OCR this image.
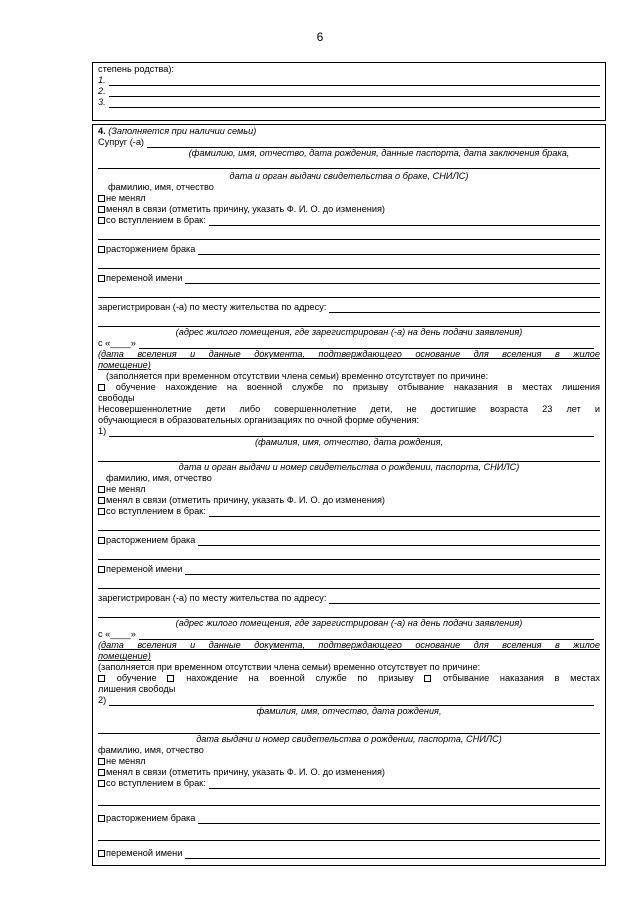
6
степень родства):
1.
2.
3.
4. (Заполняется при наличии семьи)
Супруг (-а)
(фамилию, имя, отчество, дата рождения, данные паспорта, дата заключения брака,
дата и орган выдачи свидетельства о браке, СНИЛС)
фамилию, имя, отчество
не менял
менял в связи (отметить причину, указать Ф. И. О. до изменения)
со вступлением в брак:
расторжением брака
переменой имени
зарегистрирован (-а) по месту жительства по адресу:
(адрес жилого помещения, где зарегистрирован (-а) на день подачи заявления)
с «____»
(дата вселения и данные документа, подтверждающего основание для вселения в жилое
помещение)
(заполняется при временном отсутствии члена семьи) временно отсутствует по причине:
обучение нахождение на военной службе по призыву отбывание наказания в местах лишения
свободы
Несовершеннолетние дети либо совершеннолетние дети, не достигшие возраста 23 лет и
обучающиеся в образовательных организациях по очной форме обучения:
1)
(фамилия, имя, отчество, дата рождения,
дата и орган выдачи и номер свидетельства о рождении, паспорта, СНИЛС)
фамилию, имя, отчество
не менял
менял в связи (отметить причину, указать Ф. И. О. до изменения)
со вступлением в брак:
расторжением брака
переменой имени
зарегистрирован (-а) по месту жительства по адресу:
(адрес жилого помещения, где зарегистрирован (-а) на день подачи заявления)
с «____»
(дата вселения и данные документа, подтверждающего основание для вселения в жилое
помещение)
(заполняется при временном отсутствии члена семьи) временно отсутствует по причине:
обучение	нахождение на военной службе по призыву	отбывание наказания в местах
лишения свободы
2)
фамилия, имя, отчество, дата рождения,
дата выдачи и номер свидетельства о рождении, паспорта, СНИЛС)
фамилию, имя, отчество
не менял
менял в связи (отметить причину, указать Ф. И. О. до изменения)
со вступлением в брак:
расторжением брака
переменой имени
